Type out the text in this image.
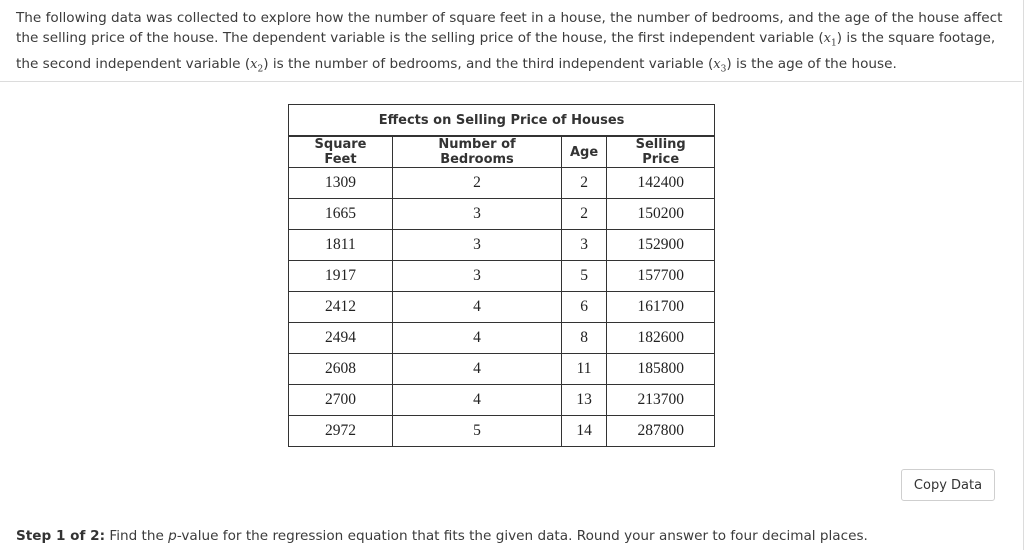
The following data was collected to explore how the number of square feet in a house, the number of bedrooms, and the age of the house affect the selling price of the house. The dependent variable is the selling price of the house, the first independent variable $(x_1)$ is the square footage, the second independent variable $(x_2)$ is the number of bedrooms, and the third independent variable $(x_3)$ is the age of the house.
Effects on Selling Price of Houses			
Square Feet	Number of Bedrooms	Age	Selling Price
1309	2	2	142400
1665	3	2	150200
1811	3	3	152900
1917	3	5	157700
2412	4	6	161700
2494	4	8	182600
2608	4	11	185800
2700	4	13	213700
2972	5	14	287800
Copy Data
Step 1 of 2: Find the p-value for the regression equation that fits the given data. Round your answer to four decimal places.
